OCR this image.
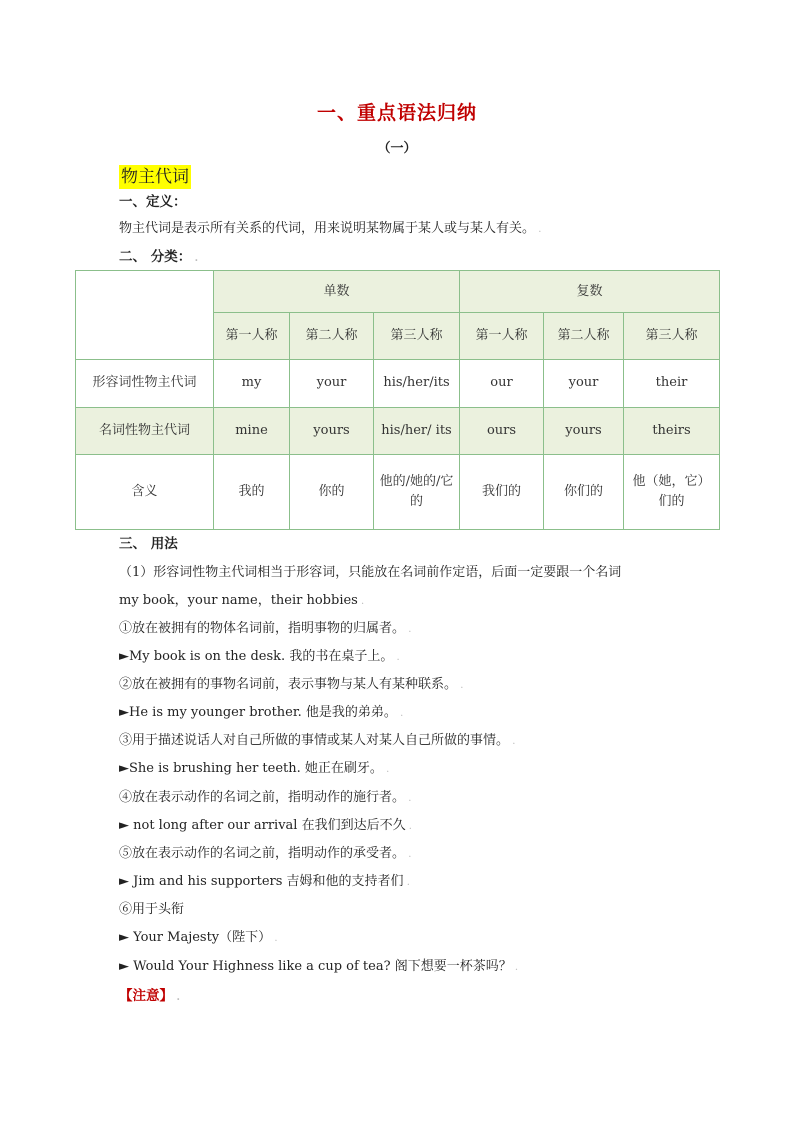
一、重点语法归纳
（一）
物主代词
一、定义：
物主代词是表示所有关系的代词，用来说明某物属于某人或与某人有关。 .
二、 分类： .
	单数			复数		
	第一人称	第二人称	第三人称	第一人称	第二人称	第三人称
形容词性物主代词	my	your	his/her/its	our	your	their
名词性物主代词	mine	yours	his/her/ its	ours	yours	theirs
含义	我的	你的	他的/她的/它的	我们的	你们的	他（她，它）们的
三、 用法
（1）形容词性物主代词相当于形容词，只能放在名词前作定语，后面一定要跟一个名词
my book，your name，their hobbies .
①放在被拥有的物体名词前，指明事物的归属者。 .
►My book is on the desk. 我的书在桌子上。 .
②放在被拥有的事物名词前，表示事物与某人有某种联系。 .
►He is my younger brother. 他是我的弟弟。 .
③用于描述说话人对自己所做的事情或某人对某人自己所做的事情。 .
►She is brushing her teeth. 她正在刷牙。 .
④放在表示动作的名词之前，指明动作的施行者。 .
► not long after our arrival 在我们到达后不久 .
⑤放在表示动作的名词之前，指明动作的承受者。 .
► Jim and his supporters 吉姆和他的支持者们 .
⑥用于头衔
► Your Majesty（陛下） .
► Would Your Highness like a cup of tea? 阁下想要一杯茶吗？ .
【注意】 .
